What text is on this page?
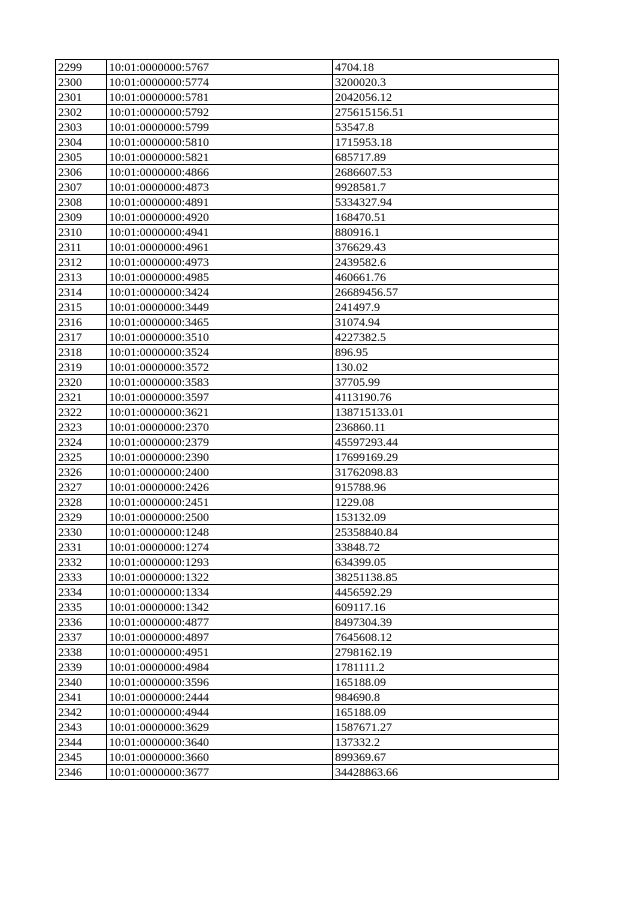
2299	10:01:0000000:5767	4704.18
2300	10:01:0000000:5774	3200020.3
2301	10:01:0000000:5781	2042056.12
2302	10:01:0000000:5792	275615156.51
2303	10:01:0000000:5799	53547.8
2304	10:01:0000000:5810	1715953.18
2305	10:01:0000000:5821	685717.89
2306	10:01:0000000:4866	2686607.53
2307	10:01:0000000:4873	9928581.7
2308	10:01:0000000:4891	5334327.94
2309	10:01:0000000:4920	168470.51
2310	10:01:0000000:4941	880916.1
2311	10:01:0000000:4961	376629.43
2312	10:01:0000000:4973	2439582.6
2313	10:01:0000000:4985	460661.76
2314	10:01:0000000:3424	26689456.57
2315	10:01:0000000:3449	241497.9
2316	10:01:0000000:3465	31074.94
2317	10:01:0000000:3510	4227382.5
2318	10:01:0000000:3524	896.95
2319	10:01:0000000:3572	130.02
2320	10:01:0000000:3583	37705.99
2321	10:01:0000000:3597	4113190.76
2322	10:01:0000000:3621	138715133.01
2323	10:01:0000000:2370	236860.11
2324	10:01:0000000:2379	45597293.44
2325	10:01:0000000:2390	17699169.29
2326	10:01:0000000:2400	31762098.83
2327	10:01:0000000:2426	915788.96
2328	10:01:0000000:2451	1229.08
2329	10:01:0000000:2500	153132.09
2330	10:01:0000000:1248	25358840.84
2331	10:01:0000000:1274	33848.72
2332	10:01:0000000:1293	634399.05
2333	10:01:0000000:1322	38251138.85
2334	10:01:0000000:1334	4456592.29
2335	10:01:0000000:1342	609117.16
2336	10:01:0000000:4877	8497304.39
2337	10:01:0000000:4897	7645608.12
2338	10:01:0000000:4951	2798162.19
2339	10:01:0000000:4984	1781111.2
2340	10:01:0000000:3596	165188.09
2341	10:01:0000000:2444	984690.8
2342	10:01:0000000:4944	165188.09
2343	10:01:0000000:3629	1587671.27
2344	10:01:0000000:3640	137332.2
2345	10:01:0000000:3660	899369.67
2346	10:01:0000000:3677	34428863.66
